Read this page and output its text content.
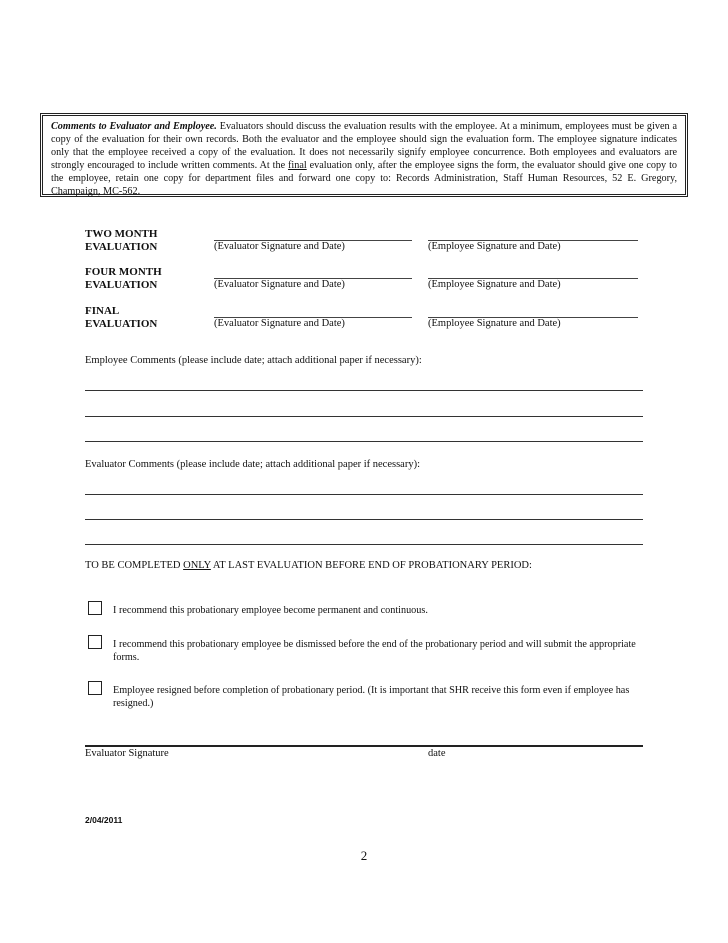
Comments to Evaluator and Employee. Evaluators should discuss the evaluation results with the employee. At a minimum, employees must be given a copy of the evaluation for their own records. Both the evaluator and the employee should sign the evaluation form. The employee signature indicates only that the employee received a copy of the evaluation. It does not necessarily signify employee concurrence. Both employees and evaluators are strongly encouraged to include written comments. At the final evaluation only, after the employee signs the form, the evaluator should give one copy to the employee, retain one copy for department files and forward one copy to: Records Administration, Staff Human Resources, 52 E. Gregory, Champaign, MC-562.
TWO MONTH
EVALUATION	(Evaluator Signature and Date)	(Employee Signature and Date)
FOUR MONTH
EVALUATION	(Evaluator Signature and Date)	(Employee Signature and Date)
FINAL
EVALUATION	(Evaluator Signature and Date)	(Employee Signature and Date)
Employee Comments (please include date; attach additional paper if necessary):
Evaluator Comments (please include date; attach additional paper if necessary):
TO BE COMPLETED ONLY AT LAST EVALUATION BEFORE END OF PROBATIONARY PERIOD:
I recommend this probationary employee become permanent and continuous.
I recommend this probationary employee be dismissed before the end of the probationary period and will submit the appropriate forms.
Employee resigned before completion of probationary period. (It is important that SHR receive this form even if employee has resigned.)
Evaluator Signature	date
2/04/2011
2
